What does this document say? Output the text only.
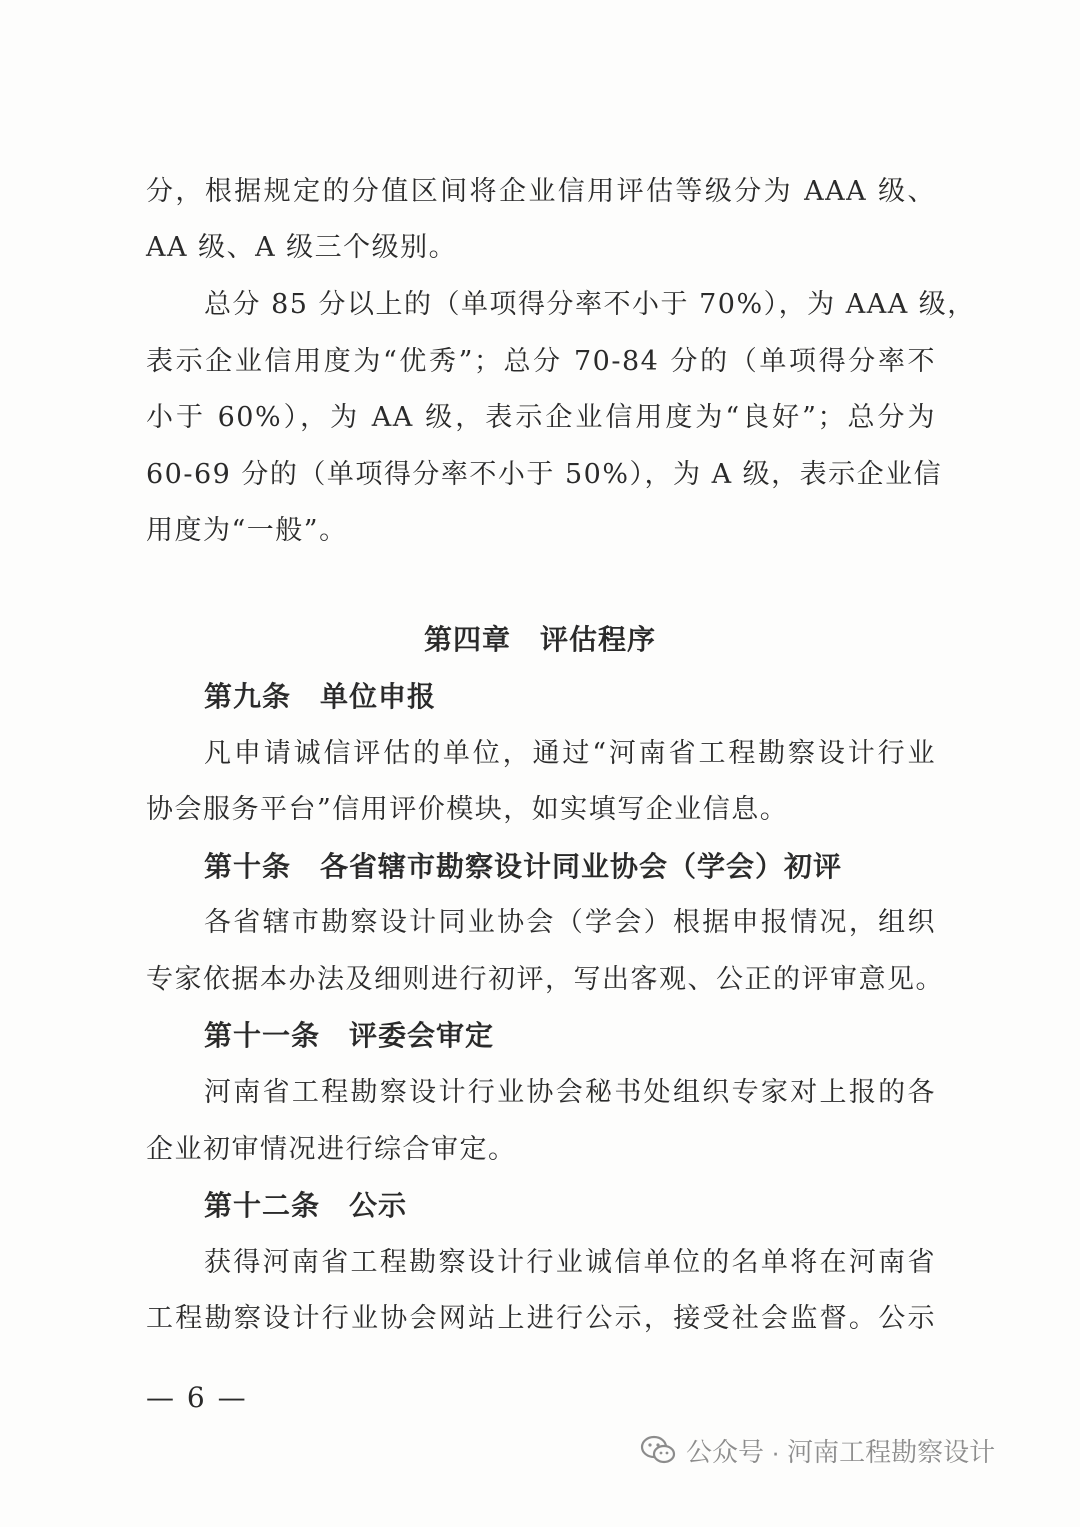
分，根据规定的分值区间将企业信用评估等级分为 AAA 级、
AA 级、A 级三个级别。
总分 85 分以上的（单项得分率不小于 70%），为 AAA 级，
表示企业信用度为“优秀”；总分 70-84 分的（单项得分率不
小于 60%），为 AA 级，表示企业信用度为“良好”；总分为
60-69 分的（单项得分率不小于 50%），为 A 级，表示企业信
用度为“一般”。
第四章　评估程序
第九条　单位申报
凡申请诚信评估的单位，通过“河南省工程勘察设计行业
协会服务平台”信用评价模块，如实填写企业信息。
第十条　各省辖市勘察设计同业协会（学会）初评
各省辖市勘察设计同业协会（学会）根据申报情况，组织
专家依据本办法及细则进行初评，写出客观、公正的评审意见。
第十一条　评委会审定
河南省工程勘察设计行业协会秘书处组织专家对上报的各
企业初审情况进行综合审定。
第十二条　公示
获得河南省工程勘察设计行业诚信单位的名单将在河南省
工程勘察设计行业协会网站上进行公示，接受社会监督。公示
— 6 —
公众号 · 河南工程勘察设计
